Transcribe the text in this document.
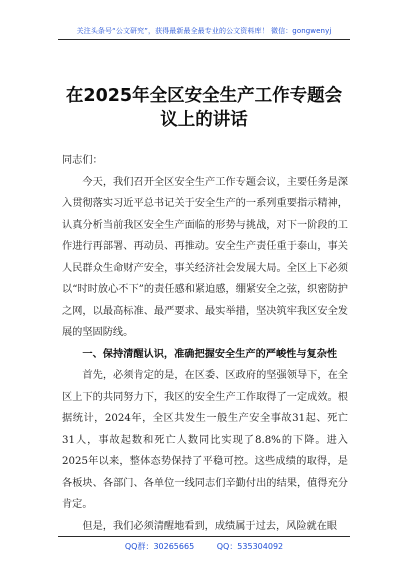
关注头条号“公文研究”，获得最新最全最专业的公文资料库！ 微信：gongwenyj
在2025年全区安全生产工作专题会议上的讲话

同志们：

今天，我们召开全区安全生产工作专题会议，主要任务是深入贯彻落实习近平总书记关于安全生产的一系列重要指示精神，认真分析当前我区安全生产面临的形势与挑战，对下一阶段的工作进行再部署、再动员、再推动。安全生产责任重于泰山，事关人民群众生命财产安全，事关经济社会发展大局。全区上下必须以“时时放心不下”的责任感和紧迫感，绷紧安全之弦，织密防护之网，以最高标准、最严要求、最实举措，坚决筑牢我区安全发展的坚固防线。

一、保持清醒认识，准确把握安全生产的严峻性与复杂性

首先，必须肯定的是，在区委、区政府的坚强领导下，在全区上下的共同努力下，我区的安全生产工作取得了一定成效。根据统计，2024年，全区共发生一般生产安全事故31起、死亡31人，事故起数和死亡人数同比实现了8.8%的下降。进入2025年以来，整体态势保持了平稳可控。这些成绩的取得，是各板块、各部门、各单位一线同志们辛勤付出的结果，值得充分肯定。

但是，我们必须清醒地看到，成绩属于过去，风险就在眼

QQ群：30265665	QQ：535304092
